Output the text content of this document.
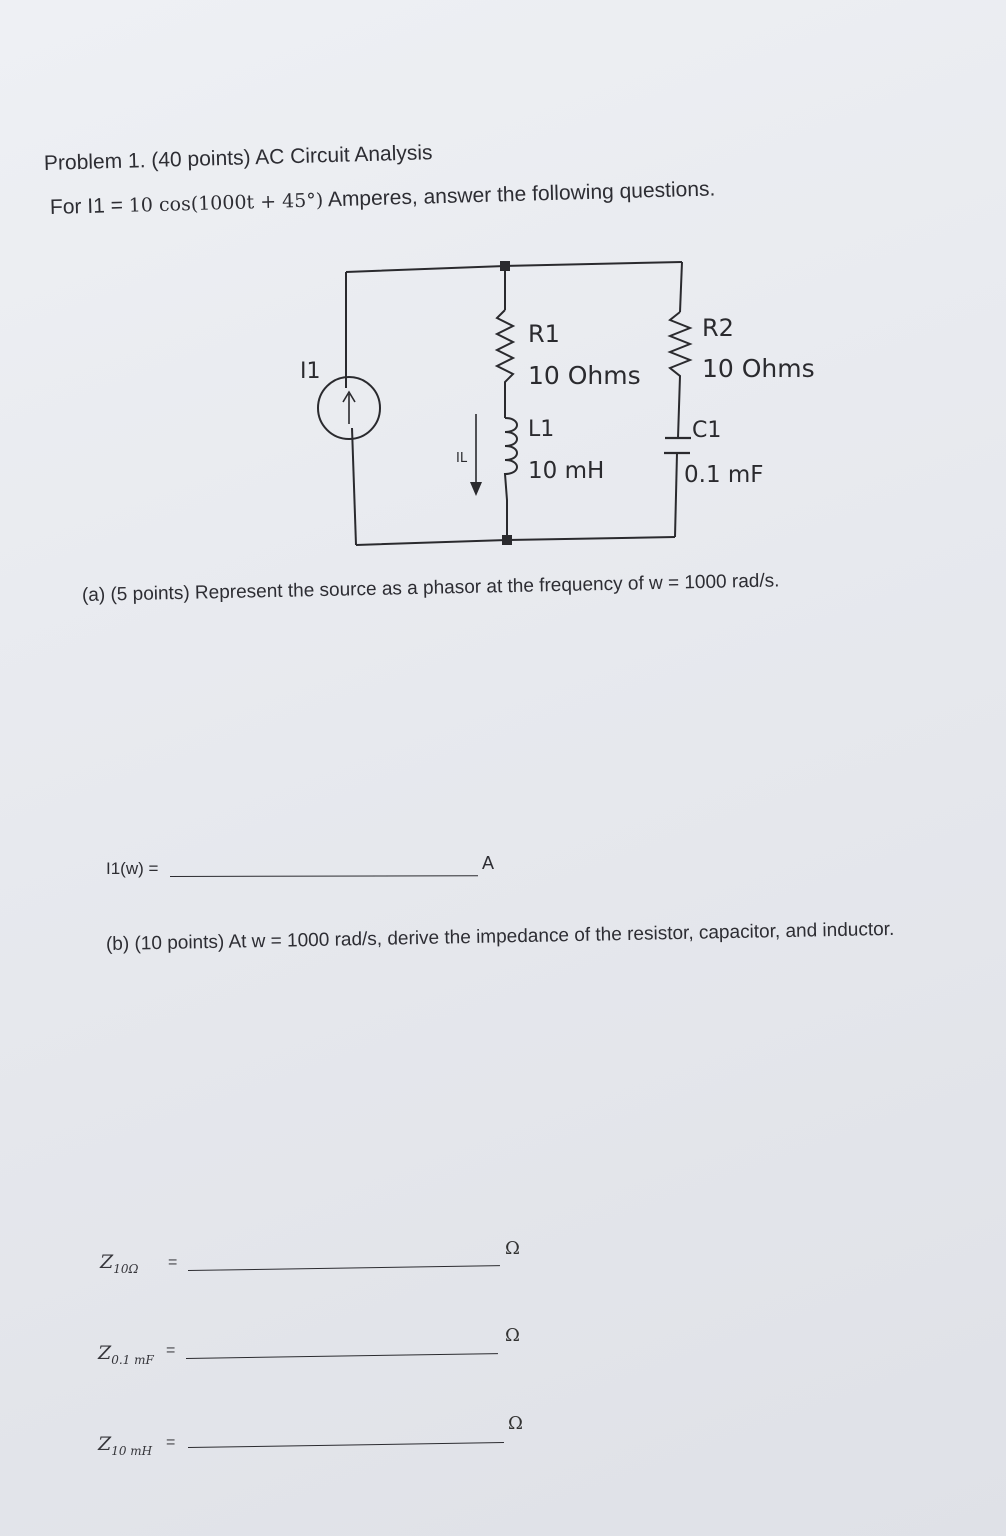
Problem 1. (40 points) AC Circuit Analysis
For I1 = 10 cos(1000t + 45°) Amperes, answer the following questions.
I1
IL
R1
10 Ohms
L1
10 mH
R2
10 Ohms
C1
0.1 mF
(a) (5 points) Represent the source as a phasor at the frequency of w = 1000 rad/s.
I1(w) =	A
(b) (10 points) At w = 1000 rad/s, derive the impedance of the resistor, capacitor, and inductor.
$Z_{10\Omega}$ =
Ω
$Z_{0.1 mF}$
=
Ω
$Z_{10 mH}$ =
Ω
